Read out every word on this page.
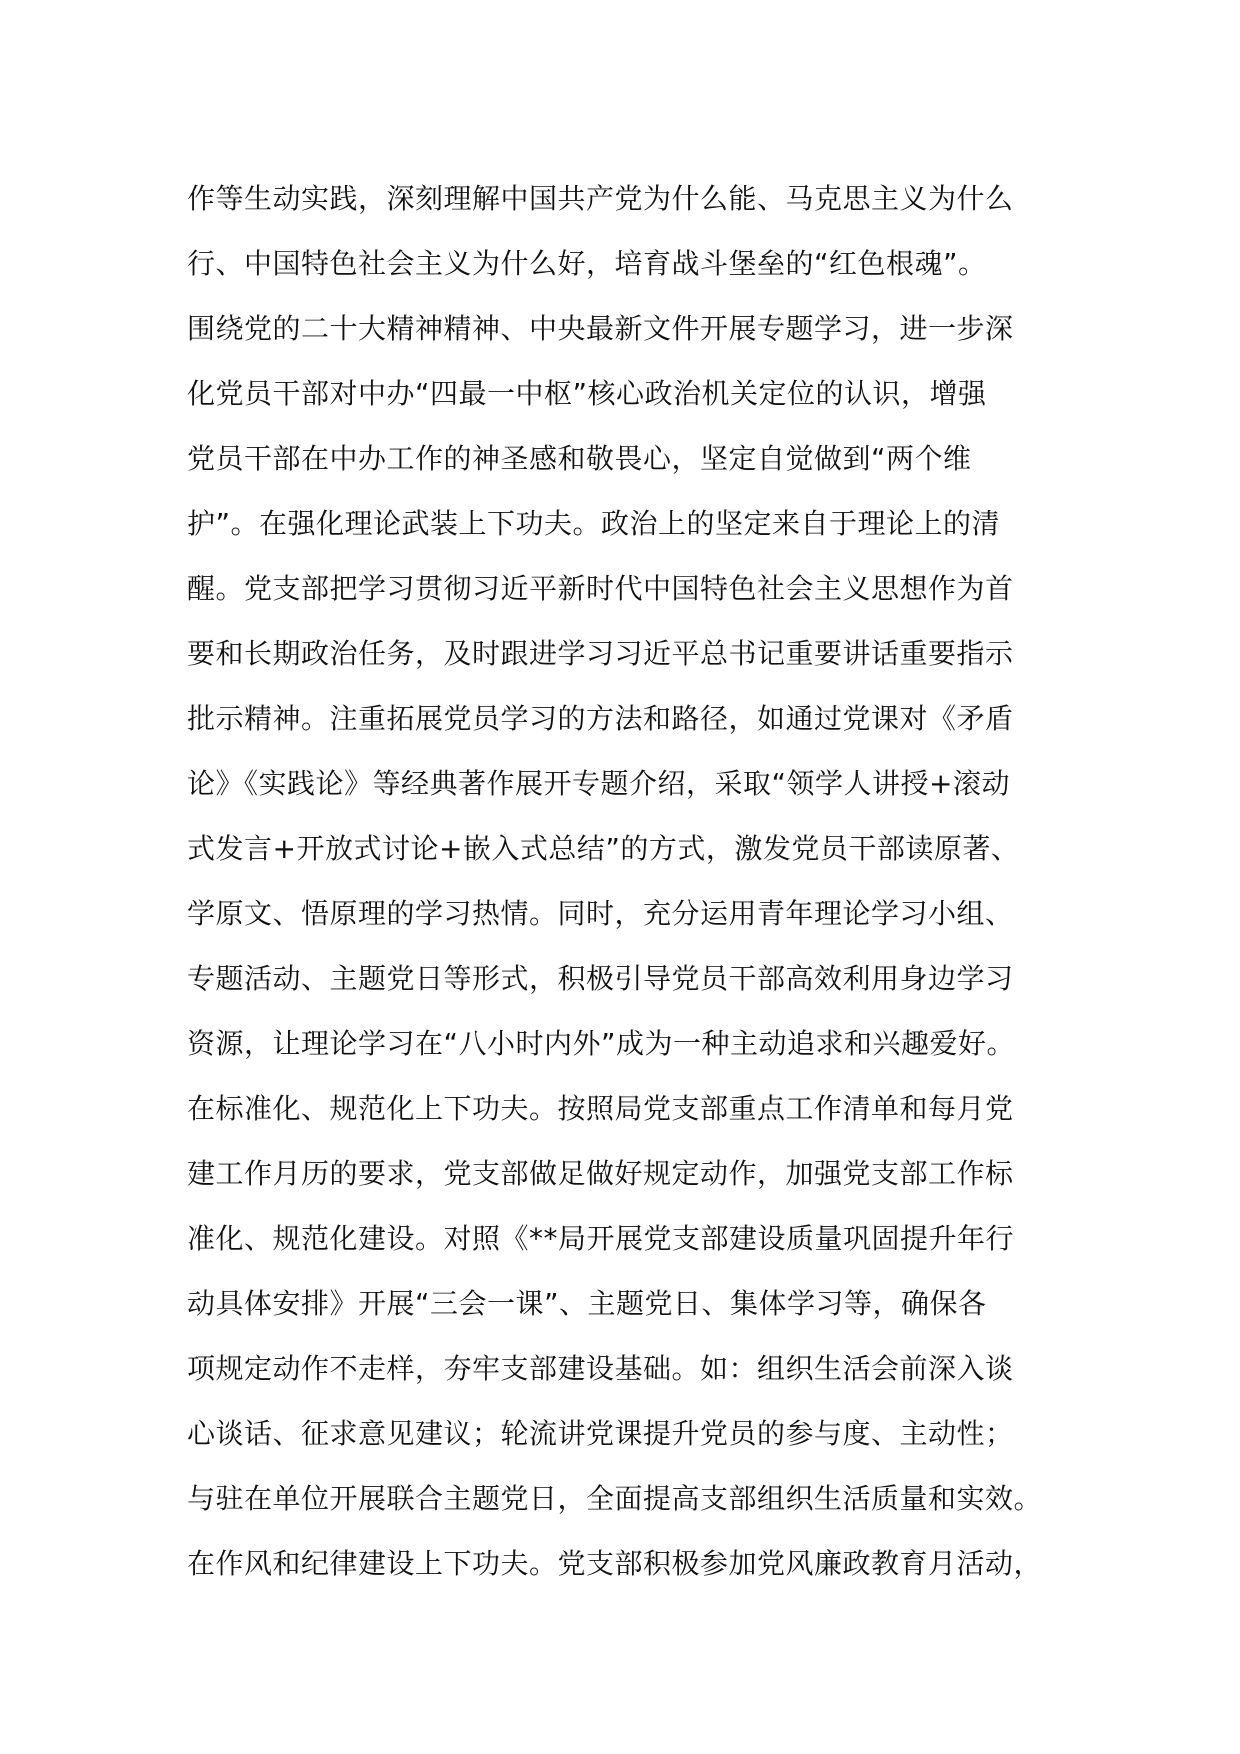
作等生动实践，深刻理解中国共产党为什么能、马克思主义为什么
行、中国特色社会主义为什么好，培育战斗堡垒的“红色根魂”。
围绕党的二十大精神精神、中央最新文件开展专题学习，进一步深
化党员干部对中办“四最一中枢”核心政治机关定位的认识，增强
党员干部在中办工作的神圣感和敬畏心，坚定自觉做到“两个维
护”。在强化理论武装上下功夫。政治上的坚定来自于理论上的清
醒。党支部把学习贯彻习近平新时代中国特色社会主义思想作为首
要和长期政治任务，及时跟进学习习近平总书记重要讲话重要指示
批示精神。注重拓展党员学习的方法和路径，如通过党课对《矛盾
论》《实践论》等经典著作展开专题介绍，采取“领学人讲授+滚动
式发言+开放式讨论+嵌入式总结”的方式，激发党员干部读原著、
学原文、悟原理的学习热情。同时，充分运用青年理论学习小组、
专题活动、主题党日等形式，积极引导党员干部高效利用身边学习
资源，让理论学习在“八小时内外”成为一种主动追求和兴趣爱好。
在标准化、规范化上下功夫。按照局党支部重点工作清单和每月党
建工作月历的要求，党支部做足做好规定动作，加强党支部工作标
准化、规范化建设。对照《**局开展党支部建设质量巩固提升年行
动具体安排》开展“三会一课”、主题党日、集体学习等，确保各
项规定动作不走样，夯牢支部建设基础。如：组织生活会前深入谈
心谈话、征求意见建议；轮流讲党课提升党员的参与度、主动性；
与驻在单位开展联合主题党日，全面提高支部组织生活质量和实效。
在作风和纪律建设上下功夫。党支部积极参加党风廉政教育月活动，
